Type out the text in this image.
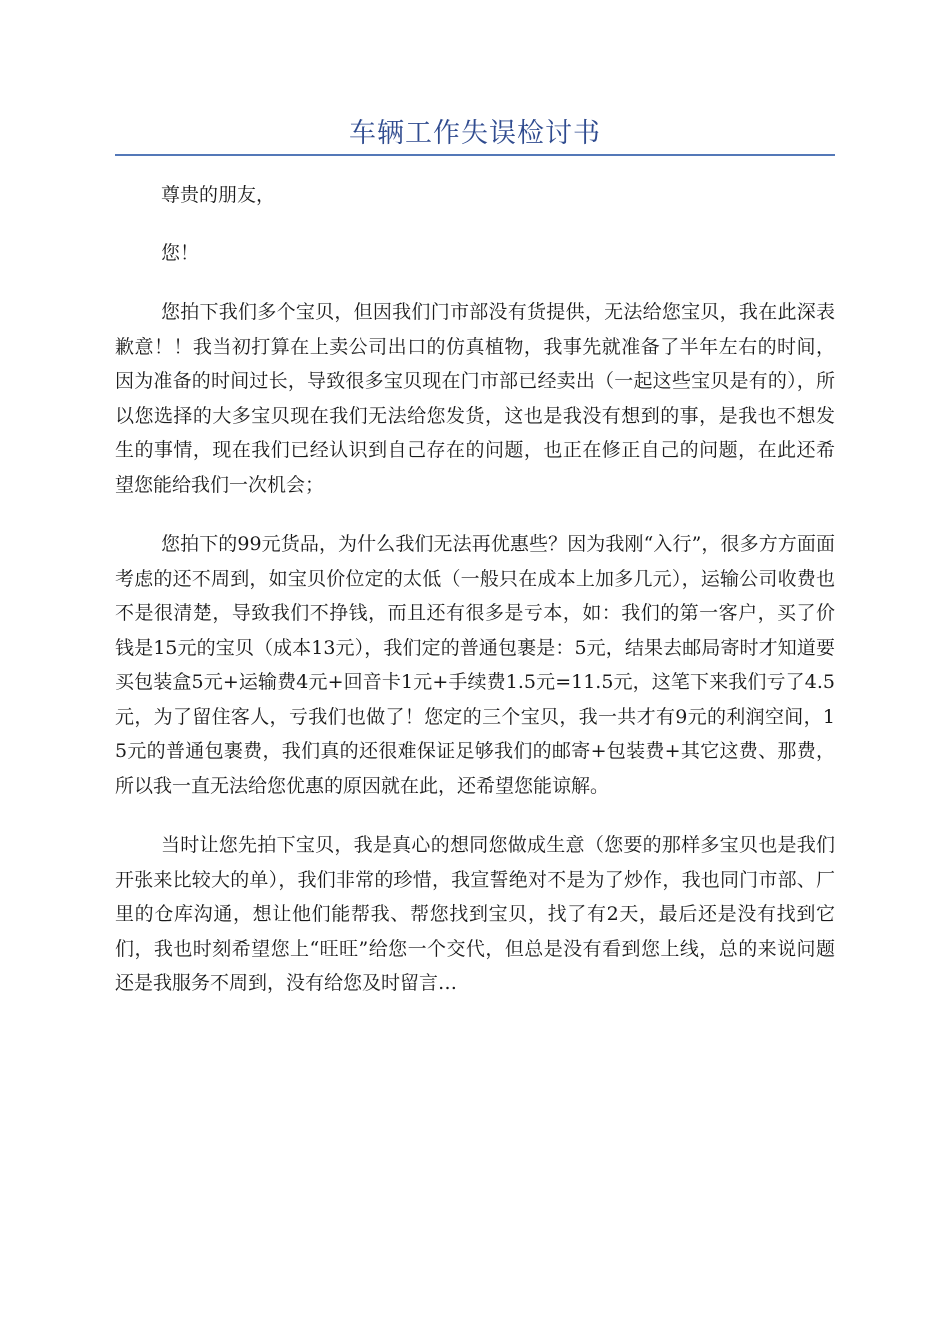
车辆工作失误检讨书

尊贵的朋友，

您！

您拍下我们多个宝贝，但因我们门市部没有货提供，无法给您宝贝，我在此深表歉意！！我当初打算在上卖公司出口的仿真植物，我事先就准备了半年左右的时间，因为准备的时间过长，导致很多宝贝现在门市部已经卖出（一起这些宝贝是有的），所以您选择的大多宝贝现在我们无法给您发货，这也是我没有想到的事，是我也不想发生的事情，现在我们已经认识到自己存在的问题，也正在修正自己的问题，在此还希望您能给我们一次机会；

您拍下的99元货品，为什么我们无法再优惠些？因为我刚“入行”，很多方方面面考虑的还不周到，如宝贝价位定的太低（一般只在成本上加多几元），运输公司收费也不是很清楚，导致我们不挣钱，而且还有很多是亏本，如：我们的第一客户，买了价钱是15元的宝贝（成本13元），我们定的普通包裹是：5元，结果去邮局寄时才知道要买包装盒5元+运输费4元+回音卡1元+手续费1.5元=11.5元，这笔下来我们亏了4.5元，为了留住客人，亏我们也做了！您定的三个宝贝，我一共才有9元的利润空间，15元的普通包裹费，我们真的还很难保证足够我们的邮寄+包装费+其它这费、那费，所以我一直无法给您优惠的原因就在此，还希望您能谅解。

当时让您先拍下宝贝，我是真心的想同您做成生意（您要的那样多宝贝也是我们开张来比较大的单），我们非常的珍惜，我宣誓绝对不是为了炒作，我也同门市部、厂里的仓库沟通，想让他们能帮我、帮您找到宝贝，找了有2天，最后还是没有找到它们，我也时刻希望您上“旺旺”给您一个交代，但总是没有看到您上线，总的来说问题还是我服务不周到，没有给您及时留言…
